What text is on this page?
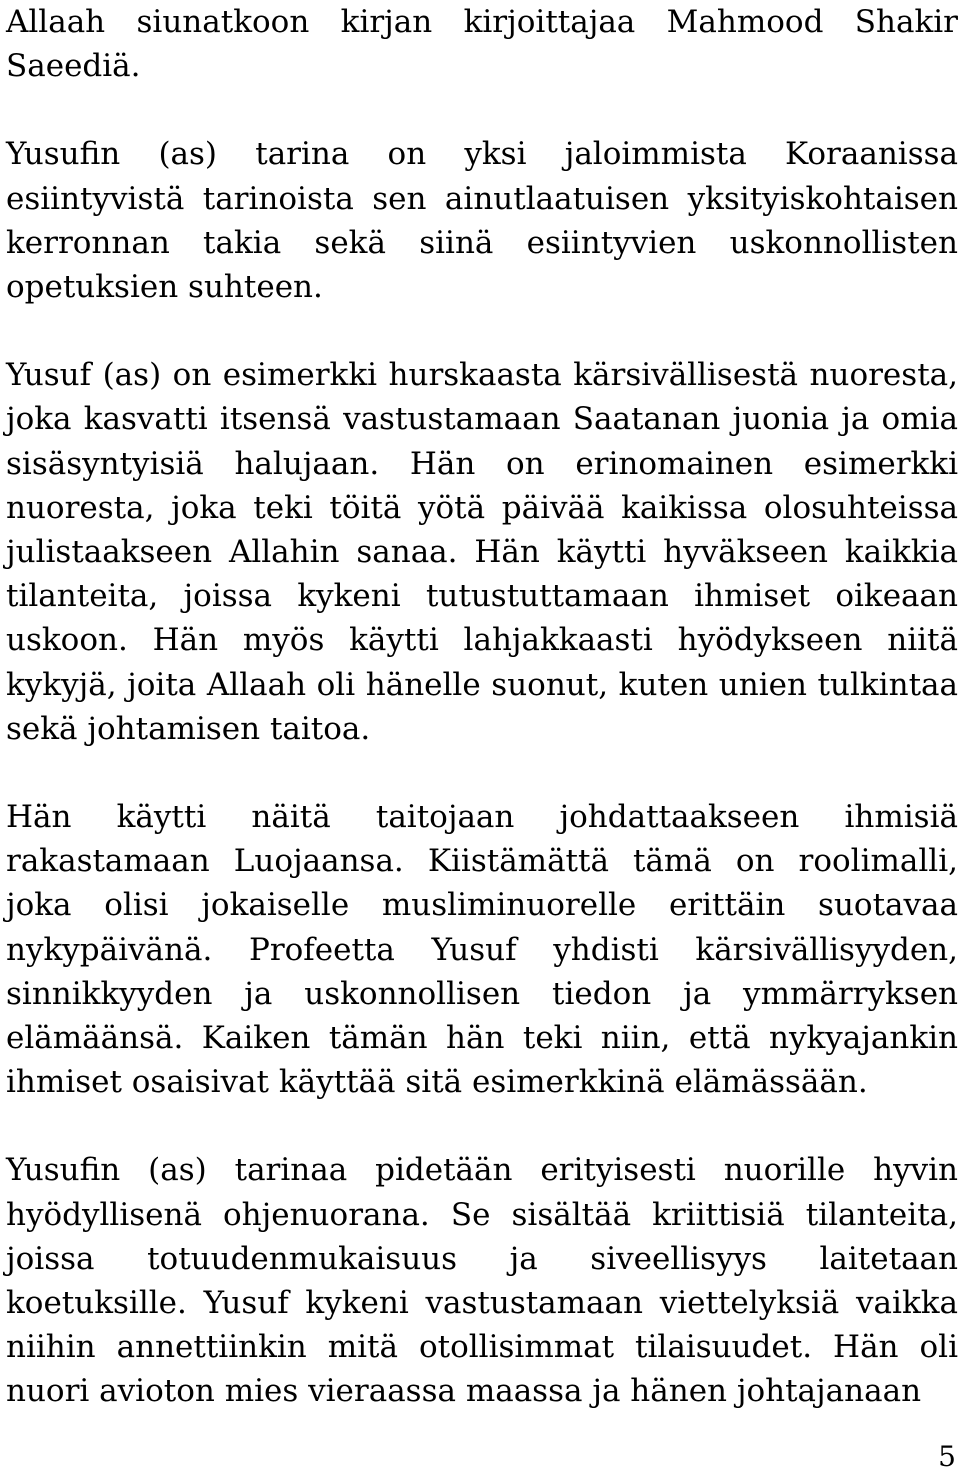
Allaah siunatkoon kirjan kirjoittajaa Mahmood Shakir Saeediä.

Yusufin (as) tarina on yksi jaloimmista Koraanissa esiintyvistä tarinoista sen ainutlaatuisen yksityiskohtaisen kerronnan takia sekä siinä esiintyvien uskonnollisten opetuksien suhteen.

Yusuf (as) on esimerkki hurskaasta kärsivällisestä nuoresta, joka kasvatti itsensä vastustamaan Saatanan juonia ja omia sisäsyntyisiä halujaan. Hän on erinomainen esimerkki nuoresta, joka teki töitä yötä päivää kaikissa olosuhteissa julistaakseen Allahin sanaa. Hän käytti hyväkseen kaikkia tilanteita, joissa kykeni tutustuttamaan ihmiset oikeaan uskoon. Hän myös käytti lahjakkaasti hyödykseen niitä kykyjä, joita Allaah oli hänelle suonut, kuten unien tulkintaa sekä johtamisen taitoa.

Hän käytti näitä taitojaan johdattaakseen ihmisiä rakastamaan Luojaansa. Kiistämättä tämä on roolimalli, joka olisi jokaiselle musliminuorelle erittäin suotavaa nykypäivänä. Profeetta Yusuf yhdisti kärsivällisyyden, sinnikkyyden ja uskonnollisen tiedon ja ymmärryksen elämäänsä. Kaiken tämän hän teki niin, että nykyajankin ihmiset osaisivat käyttää sitä esimerkkinä elämässään.

Yusufin (as) tarinaa pidetään erityisesti nuorille hyvin hyödyllisenä ohjenuorana. Se sisältää kriittisiä tilanteita, joissa totuudenmukaisuus ja siveellisyys laitetaan koetuksille. Yusuf kykeni vastustamaan viettelyksiä vaikka niihin annettiinkin mitä otollisimmat tilaisuudet. Hän oli nuori avioton mies vieraassa maassa ja hänen johtajanaan

5
